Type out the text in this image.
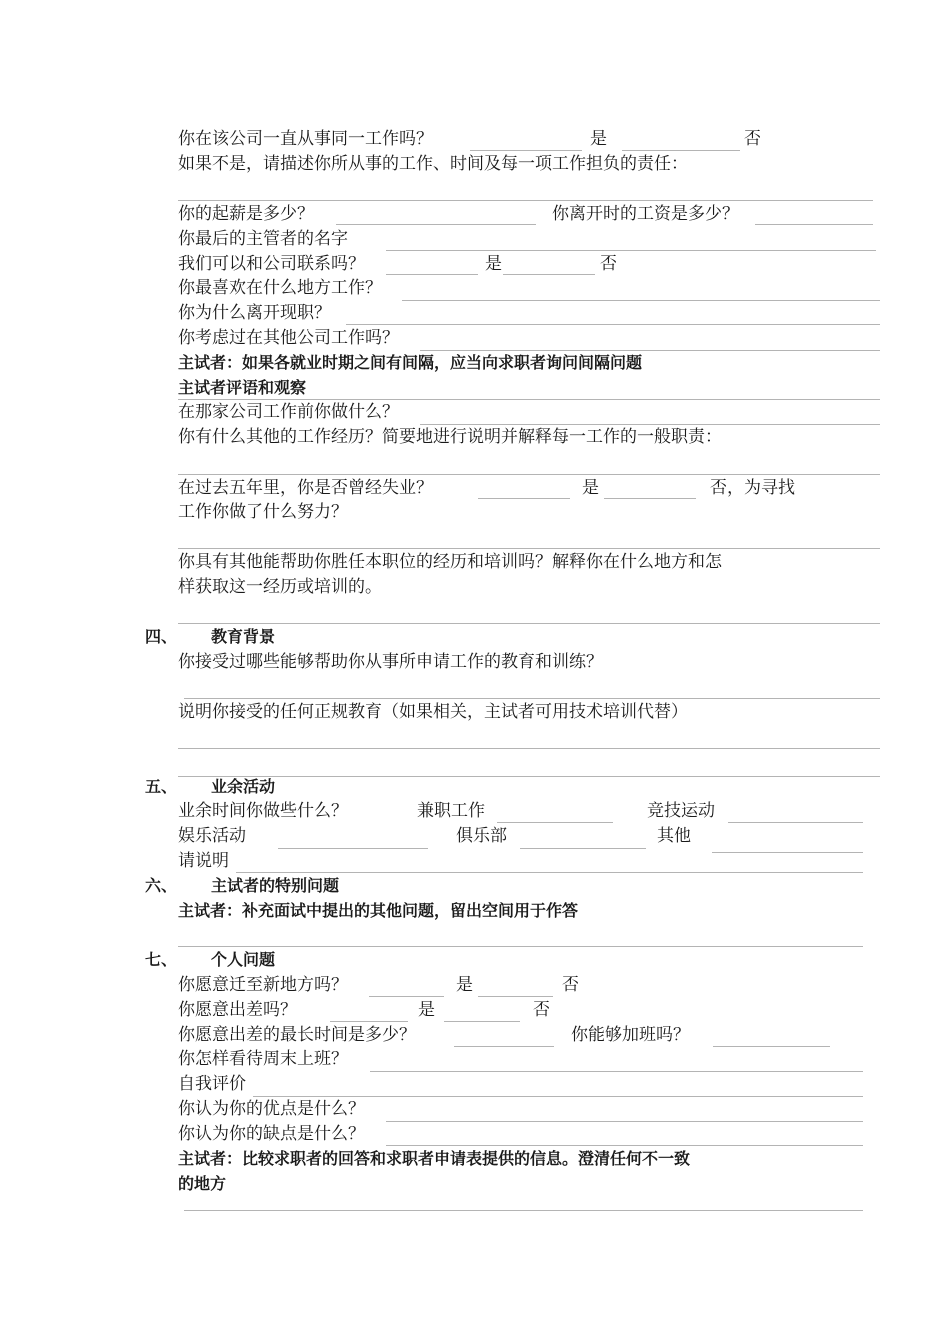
你在该公司一直从事同一工作吗？	是	否
如果不是，请描述你所从事的工作、时间及每一项工作担负的责任：
你的起薪是多少？	你离开时的工资是多少？
你最后的主管者的名字
我们可以和公司联系吗？	是	否
你最喜欢在什么地方工作？
你为什么离开现职？
你考虑过在其他公司工作吗？
主试者：如果各就业时期之间有间隔，应当向求职者询问间隔问题
主试者评语和观察
在那家公司工作前你做什么？
你有什么其他的工作经历？简要地进行说明并解释每一工作的一般职责：
在过去五年里，你是否曾经失业？	是	否，为寻找
工作你做了什么努力？
你具有其他能帮助你胜任本职位的经历和培训吗？解释你在什么地方和怎
样获取这一经历或培训的。
四、 教育背景
你接受过哪些能够帮助你从事所申请工作的教育和训练？
说明你接受的任何正规教育（如果相关，主试者可用技术培训代替）
五、 业余活动
业余时间你做些什么？	兼职工作	竞技运动
娱乐活动	俱乐部	其他
请说明
六、 主试者的特别问题
主试者：补充面试中提出的其他问题，留出空间用于作答
七、 个人问题
你愿意迁至新地方吗？	是	否
你愿意出差吗？	是	否
你愿意出差的最长时间是多少？	你能够加班吗？
你怎样看待周末上班？
自我评价
你认为你的优点是什么？
你认为你的缺点是什么？
主试者：比较求职者的回答和求职者申请表提供的信息。澄清任何不一致
的地方
